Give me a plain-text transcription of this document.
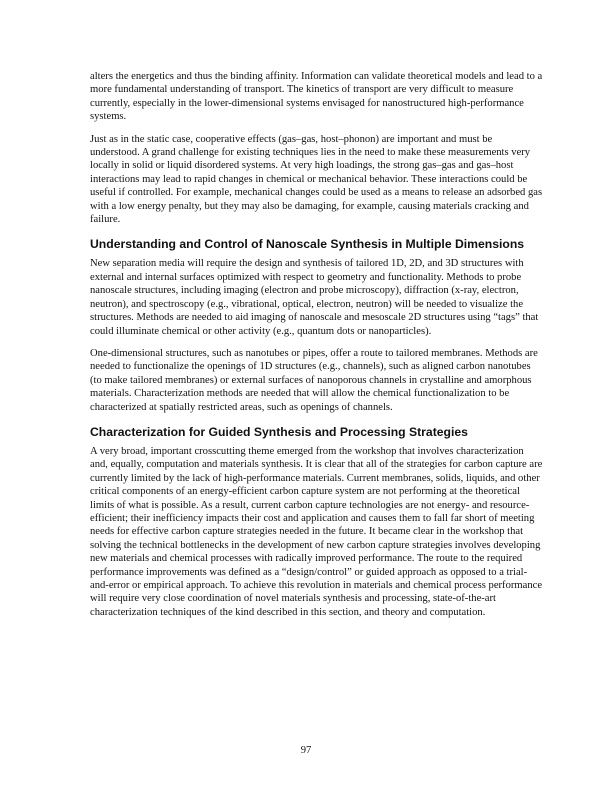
alters the energetics and thus the binding affinity. Information can validate theoretical models and lead to a more fundamental understanding of transport. The kinetics of transport are very difficult to measure currently, especially in the lower-dimensional systems envisaged for nanostructured high-performance systems.

Just as in the static case, cooperative effects (gas–gas, host–phonon) are important and must be understood. A grand challenge for existing techniques lies in the need to make these measurements very locally in solid or liquid disordered systems. At very high loadings, the strong gas–gas and gas–host interactions may lead to rapid changes in chemical or mechanical behavior. These interactions could be useful if controlled. For example, mechanical changes could be used as a means to release an adsorbed gas with a low energy penalty, but they may also be damaging, for example, causing materials cracking and failure.

Understanding and Control of Nanoscale Synthesis in Multiple Dimensions

New separation media will require the design and synthesis of tailored 1D, 2D, and 3D structures with external and internal surfaces optimized with respect to geometry and functionality. Methods to probe nanoscale structures, including imaging (electron and probe microscopy), diffraction (x-ray, electron, neutron), and spectroscopy (e.g., vibrational, optical, electron, neutron) will be needed to visualize the structures. Methods are needed to aid imaging of nanoscale and mesoscale 2D structures using “tags” that could illuminate chemical or other activity (e.g., quantum dots or nanoparticles).

One-dimensional structures, such as nanotubes or pipes, offer a route to tailored membranes. Methods are needed to functionalize the openings of 1D structures (e.g., channels), such as aligned carbon nanotubes (to make tailored membranes) or external surfaces of nanoporous channels in crystalline and amorphous materials. Characterization methods are needed that will allow the chemical functionalization to be characterized at spatially restricted areas, such as openings of channels.

Characterization for Guided Synthesis and Processing Strategies

A very broad, important crosscutting theme emerged from the workshop that involves characterization and, equally, computation and materials synthesis. It is clear that all of the strategies for carbon capture are currently limited by the lack of high-performance materials. Current membranes, solids, liquids, and other critical components of an energy-efficient carbon capture system are not performing at the theoretical limits of what is possible. As a result, current carbon capture technologies are not energy- and resource-efficient; their inefficiency impacts their cost and application and causes them to fall far short of meeting needs for effective carbon capture strategies needed in the future. It became clear in the workshop that solving the technical bottlenecks in the development of new carbon capture strategies involves developing new materials and chemical processes with radically improved performance. The route to the required performance improvements was defined as a “design/control” or guided approach as opposed to a trial-and-error or empirical approach. To achieve this revolution in materials and chemical process performance will require very close coordination of novel materials synthesis and processing, state-of-the-art characterization techniques of the kind described in this section, and theory and computation.

97
